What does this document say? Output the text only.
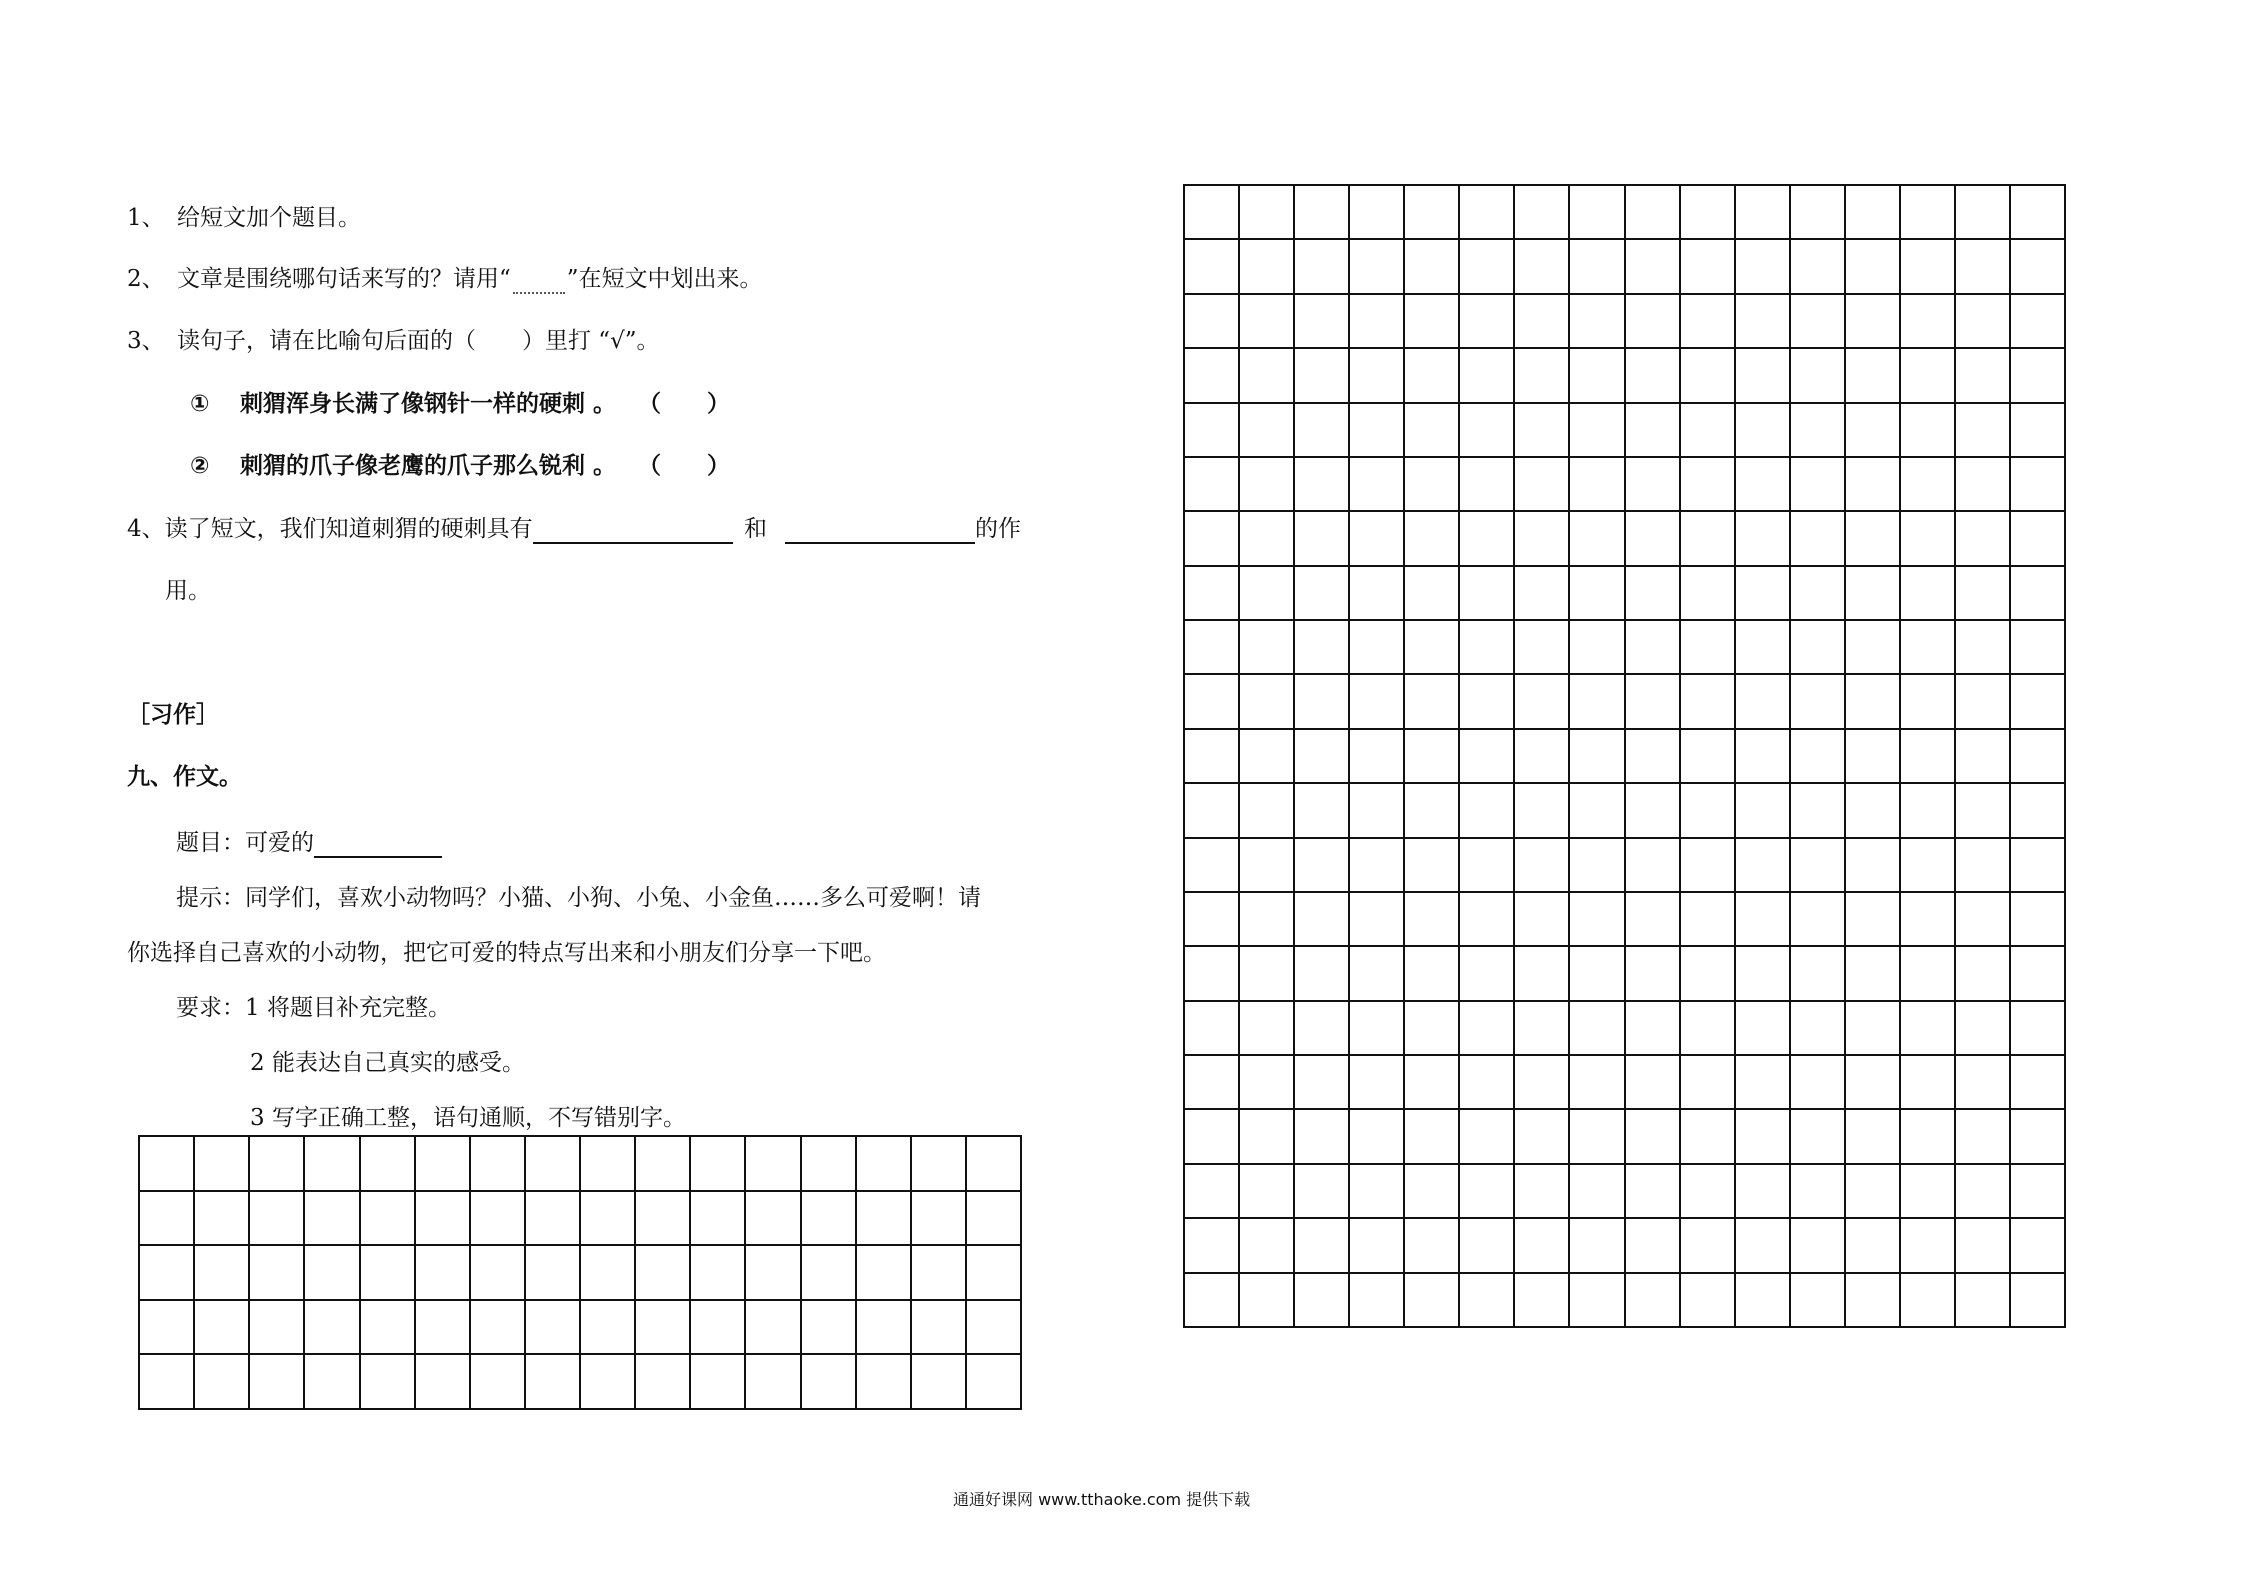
1、 给短文加个题目。
2、 文章是围绕哪句话来写的？请用“ ”在短文中划出来。
3、 读句子，请在比喻句后面的（　　）里打 “√”。
① 刺猬浑身长满了像钢针一样的硬刺 。 （　　）
② 刺猬的爪子像老鹰的爪子那么锐利 。 （　　）
4、读了短文，我们知道刺猬的硬刺具有	和	的作
用。
［习作］
九、作文。
题目：可爱的
提示：同学们，喜欢小动物吗？小猫、小狗、小兔、小金鱼……多么可爱啊！请
你选择自己喜欢的小动物，把它可爱的特点写出来和小朋友们分享一下吧。
要求：1 将题目补充完整。
2 能表达自己真实的感受。
3 写字正确工整，语句通顺，不写错别字。
通通好课网 www.tthaoke.com 提供下载
